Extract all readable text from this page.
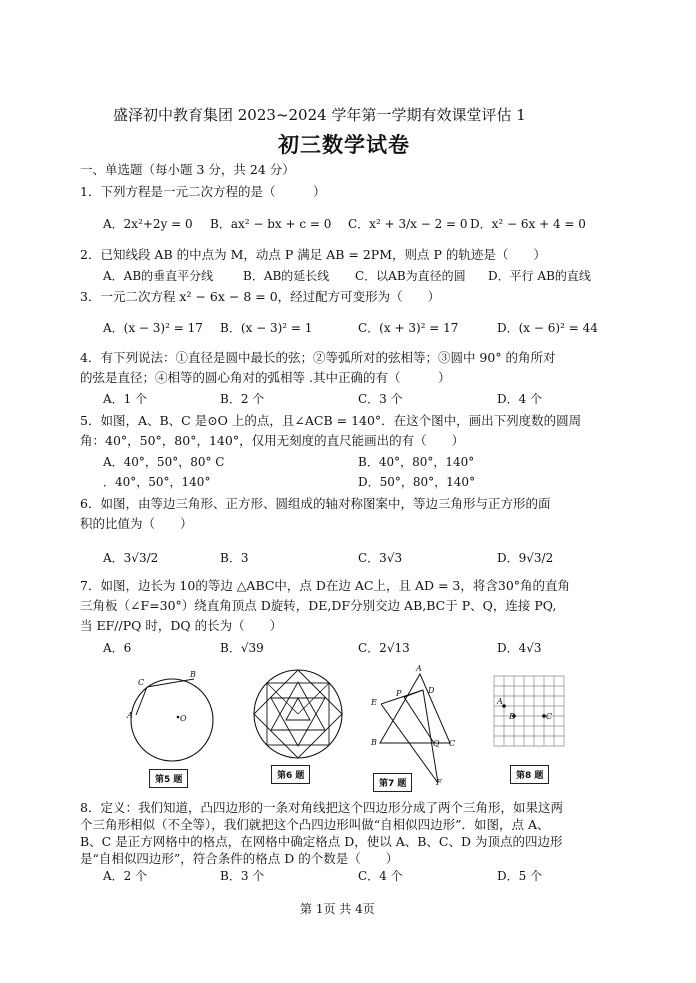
盛泽初中教育集团 2023~2024 学年第一学期有效课堂评估 1
初三数学试卷
一、单选题（每小题 3 分，共 24 分）
1．下列方程是一元二次方程的是（　　　）
A．2x²+2y = 0 B．ax² − bx + c = 0 C．x² + 3/x − 2 = 0 D．x² − 6x + 4 = 0
2．已知线段 AB 的中点为 M，动点 P 满足 AB = 2PM，则点 P 的轨迹是（　　）
A．AB的垂直平分线 B．AB的延长线 C．以AB为直径的圆 D．平行 AB的直线
3．一元二次方程 x² − 6x − 8 = 0，经过配方可变形为（　　）
A．(x − 3)² = 17 B．(x − 3)² = 1	C．(x + 3)² = 17	D．(x − 6)² = 44
4．有下列说法：①直径是圆中最长的弦；②等弧所对的弦相等；③圆中 90° 的角所对
的弦是直径；④相等的圆心角对的弧相等 .其中正确的有（　　　）
A．1 个	B．2 个	C．3 个	D．4 个
5．如图，A、B、C 是⊙O 上的点，且∠ACB = 140°．在这个图中，画出下列度数的圆周
角：40°，50°，80°，140°，仅用无刻度的直尺能画出的有（　　）
A．40°，50°，80° C	B．40°，80°，140°
．40°，50°，140°	D．50°，80°，140°
6．如图，由等边三角形、正方形、圆组成的轴对称图案中，等边三角形与正方形的面
积的比值为（　　）
A．3√3/2	B．3	C．3√3	D．9√3/2
7．如图，边长为 10的等边 △ABC中，点 D在边 AC上，且 AD = 3，将含30°角的直角
三角板（∠F=30°）绕直角顶点 D旋转，DE,DF分别交边 AB,BC于 P、Q，连接 PQ,
当 EF//PQ 时，DQ 的长为（　　）
A．6	B．√39	C．2√13	D．4√3
B
C
A	O
第5 题	第6 题
A
P	D
E
B	Q C
F
第7 题
A
B	C
第8 题
8．定义：我们知道，凸四边形的一条对角线把这个四边形分成了两个三角形，如果这两
个三角形相似（不全等），我们就把这个凸四边形叫做“自相似四边形”．如图，点 A、
B、C 是正方网格中的格点，在网格中确定格点 D，使以 A、B、C、D 为顶点的四边形
是“自相似四边形”，符合条件的格点 D 的个数是（　　）
A．2 个	B．3 个	C．4 个	D．5 个
第 1页 共 4页
